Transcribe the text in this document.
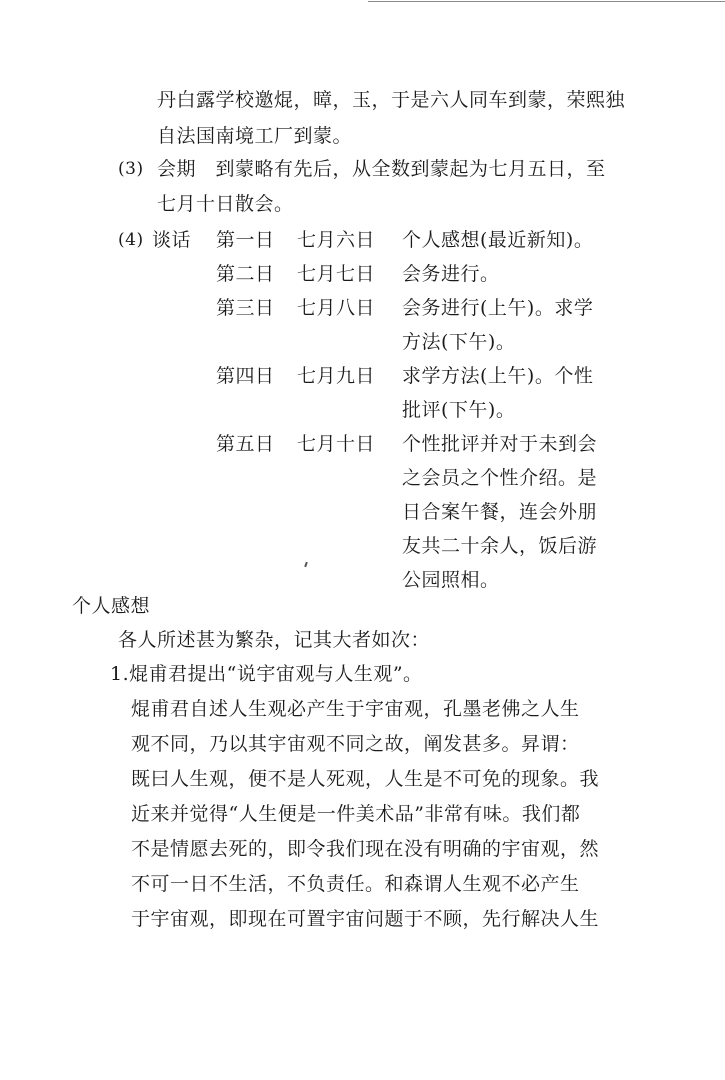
丹白露学校邀焜，暲，玉，于是六人同车到蒙，荣熙独
自法国南境工厂到蒙。
(3) 会期　到蒙略有先后，从全数到蒙起为七月五日，至
七月十日散会。
(4) 谈话 第一日 七月六日 个人感想(最近新知)。
第二日 七月七日 会务进行。
第三日 七月八日 会务进行(上午)。求学
方法(下午)。
第四日 七月九日 求学方法(上午)。个性
批评(下午)。
第五日 七月十日 个性批评并对于未到会
之会员之个性介绍。是
日合案午餐，连会外朋
友共二十余人，饭后游
公园照相。
个人感想
各人所述甚为繁杂，记其大者如次：
1.焜甫君提出“说宇宙观与人生观”。
焜甫君自述人生观必产生于宇宙观，孔墨老佛之人生
观不同，乃以其宇宙观不同之故，阐发甚多。昇谓：
既曰人生观，便不是人死观，人生是不可免的现象。我
近来并觉得“人生便是一件美术品”非常有味。我们都
不是情愿去死的，即令我们现在没有明确的宇宙观，然
不可一日不生活，不负责任。和森谓人生观不必产生
于宇宙观，即现在可置宇宙问题于不顾，先行解决人生
